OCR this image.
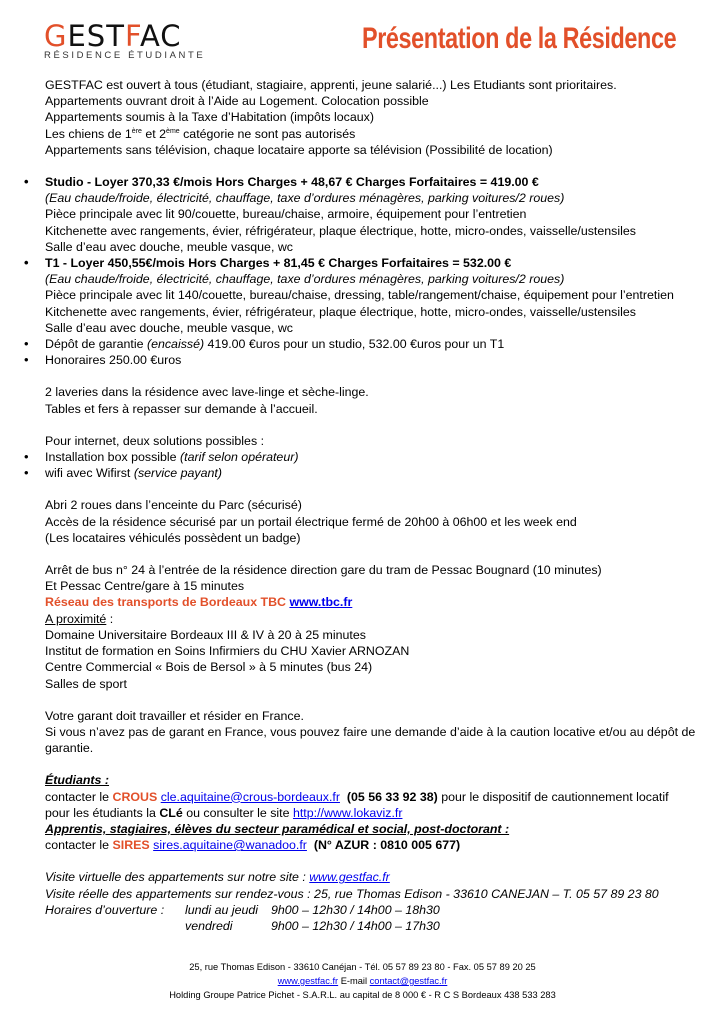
GESTFAC
RÉSIDENCE ÉTUDIANTE
Présentation de la Résidence
GESTFAC est ouvert à tous (étudiant, stagiaire, apprenti, jeune salarié...) Les Etudiants sont prioritaires.
Appartements ouvrant droit à l’Aide au Logement. Colocation possible
Appartements soumis à la Taxe d’Habitation (impôts locaux)
Les chiens de 1ère et 2ème catégorie ne sont pas autorisés
Appartements sans télévision, chaque locataire apporte sa télévision (Possibilité de location)
• Studio - Loyer 370,33 €/mois Hors Charges + 48,67 € Charges Forfaitaires = 419.00 €
(Eau chaude/froide, électricité, chauffage, taxe d’ordures ménagères, parking voitures/2 roues)
Pièce principale avec lit 90/couette, bureau/chaise, armoire, équipement pour l’entretien
Kitchenette avec rangements, évier, réfrigérateur, plaque électrique, hotte, micro-ondes, vaisselle/ustensiles
Salle d’eau avec douche, meuble vasque, wc
• T1 - Loyer 450,55€/mois Hors Charges + 81,45 € Charges Forfaitaires = 532.00 €
(Eau chaude/froide, électricité, chauffage, taxe d’ordures ménagères, parking voitures/2 roues)
Pièce principale avec lit 140/couette, bureau/chaise, dressing, table/rangement/chaise, équipement pour l’entretien
Kitchenette avec rangements, évier, réfrigérateur, plaque électrique, hotte, micro-ondes, vaisselle/ustensiles
Salle d’eau avec douche, meuble vasque, wc
• Dépôt de garantie (encaissé) 419.00 €uros pour un studio, 532.00 €uros pour un T1
• Honoraires 250.00 €uros
2 laveries dans la résidence avec lave-linge et sèche-linge.
Tables et fers à repasser sur demande à l’accueil.
Pour internet, deux solutions possibles :
• Installation box possible (tarif selon opérateur)
• wifi avec Wifirst (service payant)
Abri 2 roues dans l’enceinte du Parc (sécurisé)
Accès de la résidence sécurisé par un portail électrique fermé de 20h00 à 06h00 et les week end
(Les locataires véhiculés possèdent un badge)
Arrêt de bus n° 24 à l’entrée de la résidence direction gare du tram de Pessac Bougnard (10 minutes)
Et Pessac Centre/gare à 15 minutes
Réseau des transports de Bordeaux TBC www.tbc.fr
A proximité :
Domaine Universitaire Bordeaux III & IV à 20 à 25 minutes
Institut de formation en Soins Infirmiers du CHU Xavier ARNOZAN
Centre Commercial « Bois de Bersol » à 5 minutes (bus 24)
Salles de sport
Votre garant doit travailler et résider en France.
Si vous n’avez pas de garant en France, vous pouvez faire une demande d’aide à la caution locative et/ou au dépôt de garantie.
Étudiants :
contacter le CROUS cle.aquitaine@crous-bordeaux.fr (05 56 33 92 38) pour le dispositif de cautionnement locatif
pour les étudiants la CLé ou consulter le site http://www.lokaviz.fr
Apprentis, stagiaires, élèves du secteur paramédical et social, post-doctorant :
contacter le SIRES sires.aquitaine@wanadoo.fr (N° AZUR : 0810 005 677)
Visite virtuelle des appartements sur notre site : www.gestfac.fr
Visite réelle des appartements sur rendez-vous : 25, rue Thomas Edison - 33610 CANEJAN – T. 05 57 89 23 80
Horaires d’ouverture : lundi au jeudi 9h00 – 12h30 / 14h00 – 18h30
vendredi	9h00 – 12h30 / 14h00 – 17h30
25, rue Thomas Edison - 33610 Canéjan - Tél. 05 57 89 23 80 - Fax. 05 57 89 20 25
www.gestfac.fr E-mail contact@gestfac.fr
Holding Groupe Patrice Pichet - S.A.R.L. au capital de 8 000 € - R C S Bordeaux 438 533 283
